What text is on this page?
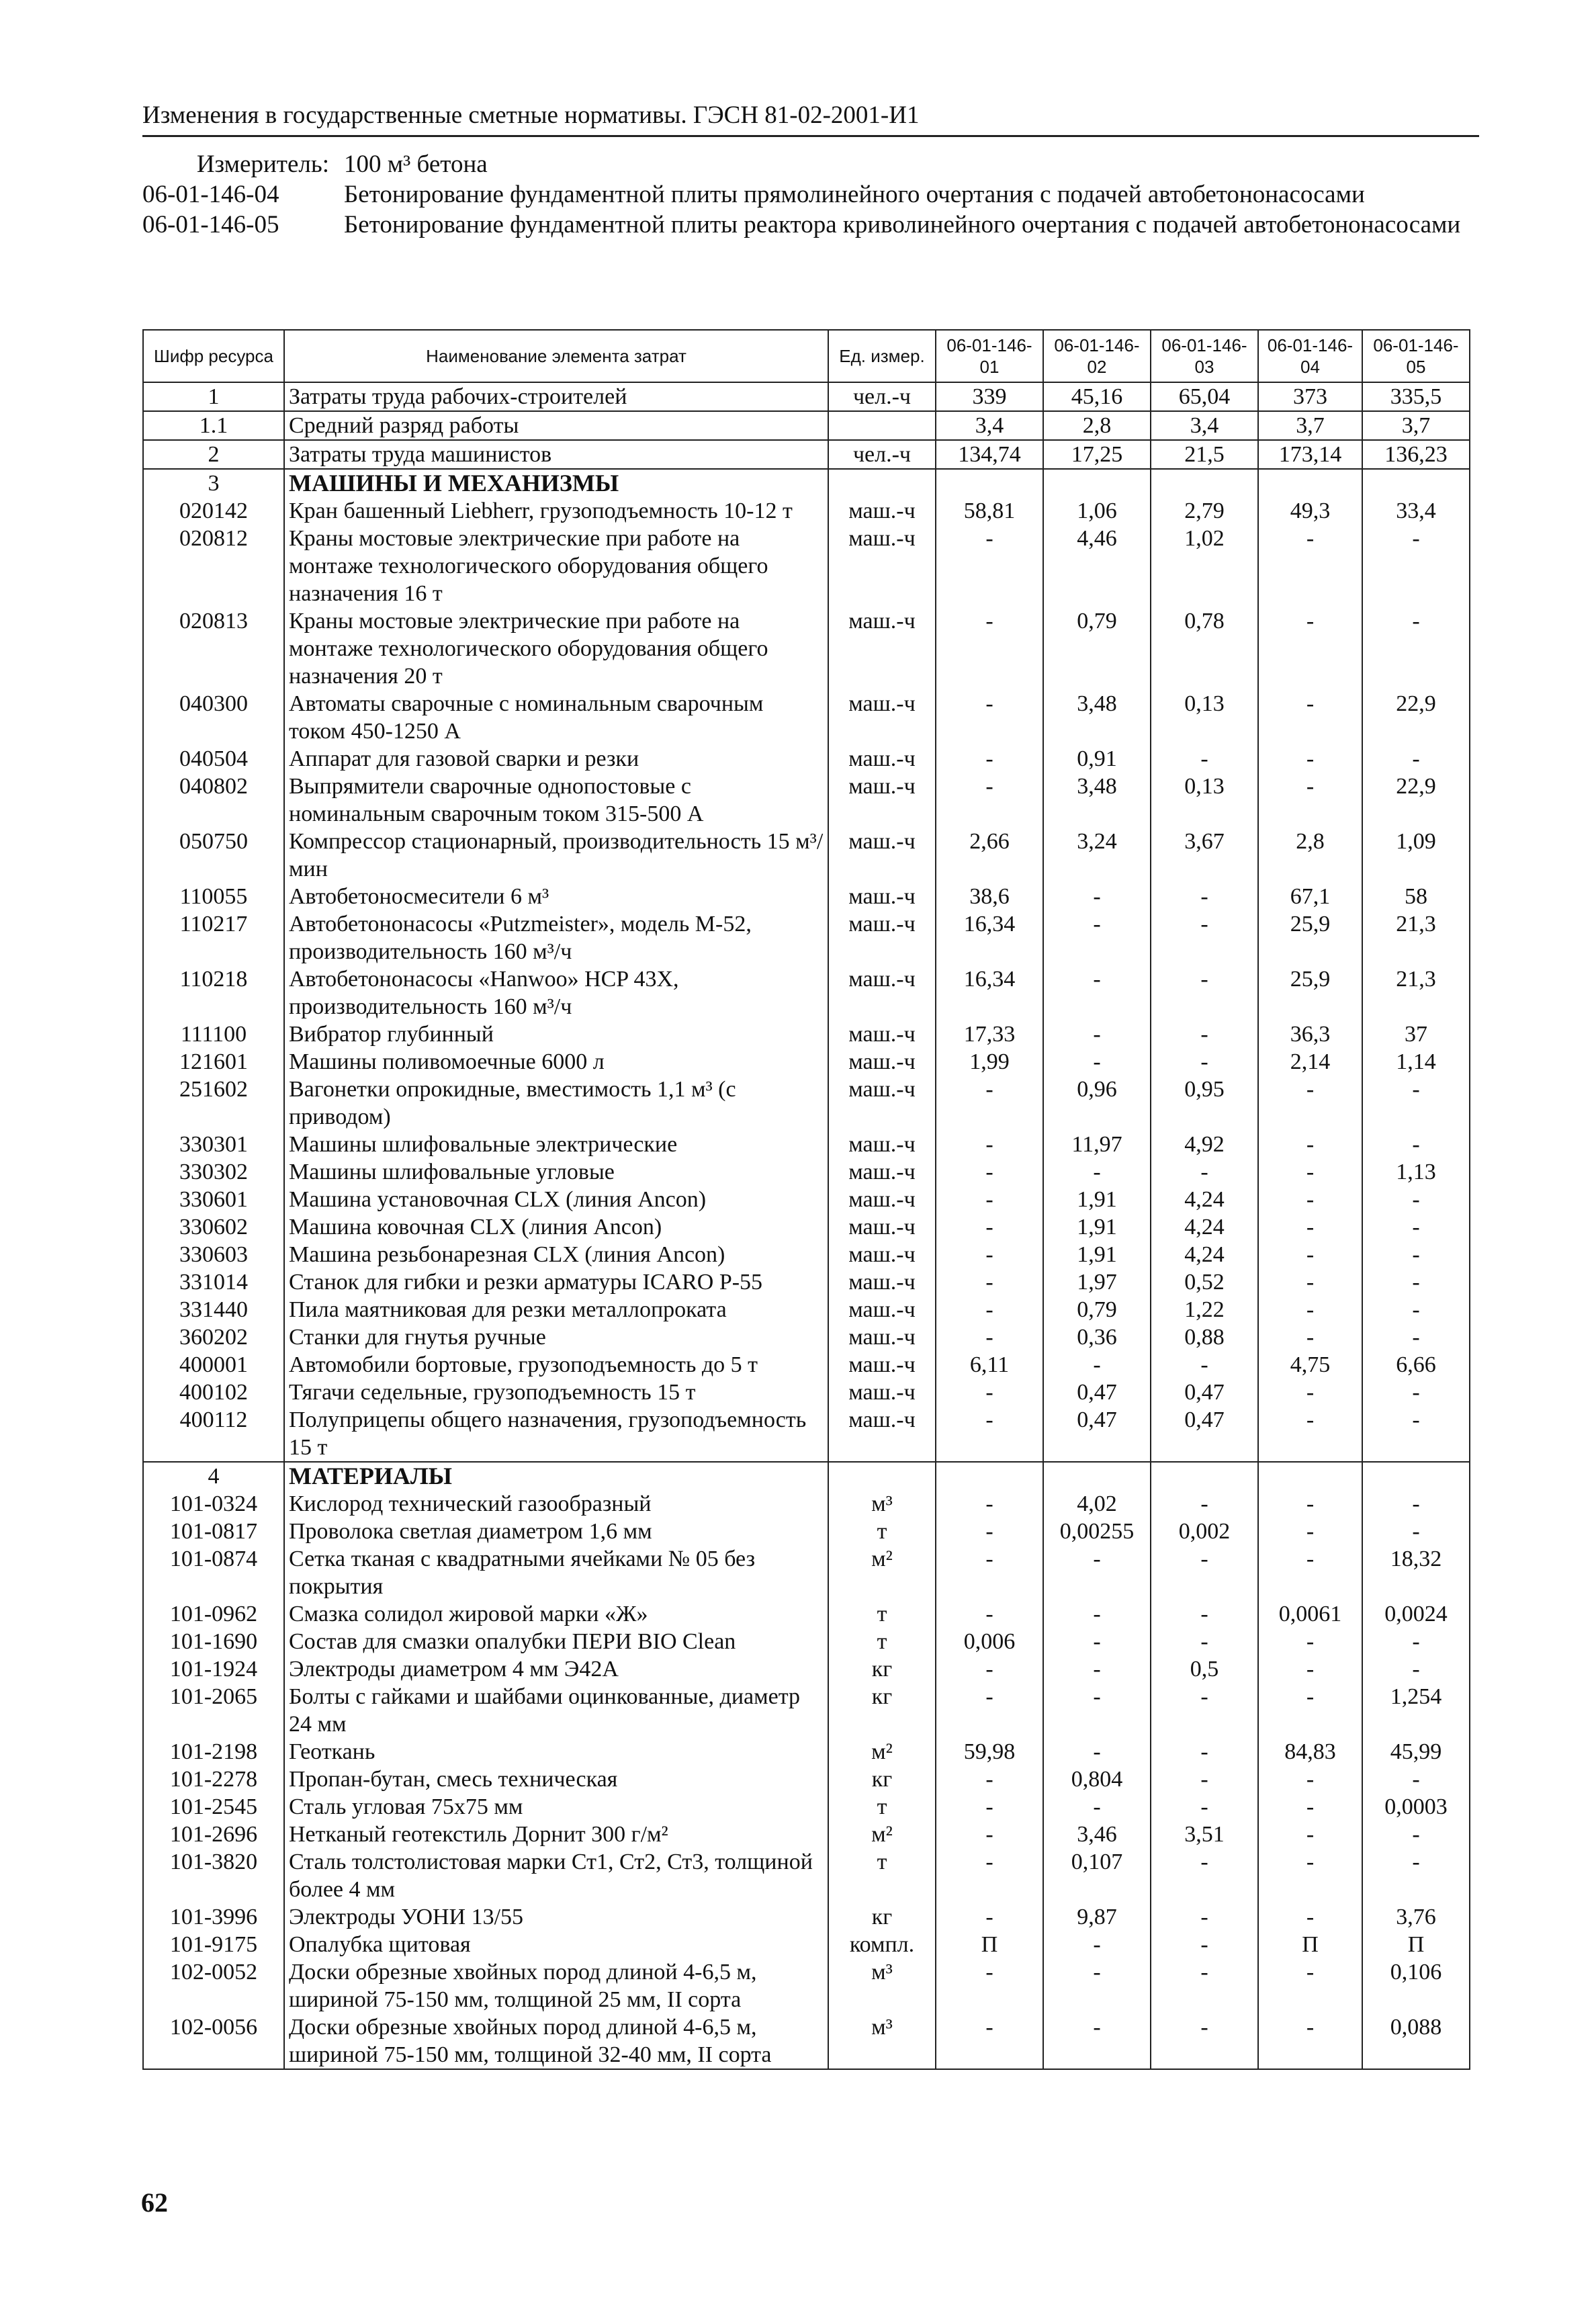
Изменения в государственные сметные нормативы. ГЭСН 81-02-2001-И1
Измеритель: 100 м³ бетона
06-01-146-04	Бетонирование фундаментной плиты прямолинейного очертания с подачей автобетононасосами
06-01-146-05	Бетонирование фундаментной плиты реактора криволинейного очертания с подачей автобетононасосами
Шифр ресурса	Наименование элемента затрат	Ед. измер.	06-01-146-01	06-01-146-02	06-01-146-03	06-01-146-04	06-01-146-05
1	Затраты труда рабочих-строителей	чел.-ч	339	45,16	65,04	373	335,5
1.1	Средний разряд работы		3,4	2,8	3,4	3,7	3,7
2	Затраты труда машинистов	чел.-ч	134,74	17,25	21,5	173,14	136,23
3	МАШИНЫ И МЕХАНИЗМЫ						
020142	Кран башенный Liebherr, грузоподъемность 10-12 т	маш.-ч	58,81	1,06	2,79	49,3	33,4
020812	Краны мостовые электрические при работе на монтаже технологического оборудования общего назначения 16 т	маш.-ч	-	4,46	1,02	-	-
020813	Краны мостовые электрические при работе на монтаже технологического оборудования общего назначения 20 т	маш.-ч	-	0,79	0,78	-	-
040300	Автоматы сварочные с номинальным сварочным током 450-1250 А	маш.-ч	-	3,48	0,13	-	22,9
040504	Аппарат для газовой сварки и резки	маш.-ч	-	0,91	-	-	-
040802	Выпрямители сварочные однопостовые с номинальным сварочным током 315-500 А	маш.-ч	-	3,48	0,13	-	22,9
050750	Компрессор стационарный, производительность 15 м³/мин	маш.-ч	2,66	3,24	3,67	2,8	1,09
110055	Автобетоносмесители 6 м³	маш.-ч	38,6	-	-	67,1	58
110217	Автобетононасосы «Putzmeister», модель М-52, производительность 160 м³/ч	маш.-ч	16,34	-	-	25,9	21,3
110218	Автобетононасосы «Hanwoo» HCP 43X, производительность 160 м³/ч	маш.-ч	16,34	-	-	25,9	21,3
111100	Вибратор глубинный	маш.-ч	17,33	-	-	36,3	37
121601	Машины поливомоечные 6000 л	маш.-ч	1,99	-	-	2,14	1,14
251602	Вагонетки опрокидные, вместимость 1,1 м³ (с приводом)	маш.-ч	-	0,96	0,95	-	-
330301	Машины шлифовальные электрические	маш.-ч	-	11,97	4,92	-	-
330302	Машины шлифовальные угловые	маш.-ч	-	-	-	-	1,13
330601	Машина установочная CLX (линия Ancon)	маш.-ч	-	1,91	4,24	-	-
330602	Машина ковочная CLX (линия Ancon)	маш.-ч	-	1,91	4,24	-	-
330603	Машина резьбонарезная CLX (линия Ancon)	маш.-ч	-	1,91	4,24	-	-
331014	Станок для гибки и резки арматуры ICARO P-55	маш.-ч	-	1,97	0,52	-	-
331440	Пила маятниковая для резки металлопроката	маш.-ч	-	0,79	1,22	-	-
360202	Станки для гнутья ручные	маш.-ч	-	0,36	0,88	-	-
400001	Автомобили бортовые, грузоподъемность до 5 т	маш.-ч	6,11	-	-	4,75	6,66
400102	Тягачи седельные, грузоподъемность 15 т	маш.-ч	-	0,47	0,47	-	-
400112	Полуприцепы общего назначения, грузоподъемность 15 т	маш.-ч	-	0,47	0,47	-	-
4	МАТЕРИАЛЫ						
101-0324	Кислород технический газообразный	м³	-	4,02	-	-	-
101-0817	Проволока светлая диаметром 1,6 мм	т	-	0,00255	0,002	-	-
101-0874	Сетка тканая с квадратными ячейками № 05 без покрытия	м²	-	-	-	-	18,32
101-0962	Смазка солидол жировой марки «Ж»	т	-	-	-	0,0061	0,0024
101-1690	Состав для смазки опалубки ПЕРИ BIO Clean	т	0,006	-	-	-	-
101-1924	Электроды диаметром 4 мм Э42А	кг	-	-	0,5	-	-
101-2065	Болты с гайками и шайбами оцинкованные, диаметр 24 мм	кг	-	-	-	-	1,254
101-2198	Геоткань	м²	59,98	-	-	84,83	45,99
101-2278	Пропан-бутан, смесь техническая	кг	-	0,804	-	-	-
101-2545	Сталь угловая 75х75 мм	т	-	-	-	-	0,0003
101-2696	Нетканый геотекстиль Дорнит 300 г/м²	м²	-	3,46	3,51	-	-
101-3820	Сталь толстолистовая марки Ст1, Ст2, Ст3, толщиной более 4 мм	т	-	0,107	-	-	-
101-3996	Электроды УОНИ 13/55	кг	-	9,87	-	-	3,76
101-9175	Опалубка щитовая	компл.	П	-	-	П	П
102-0052	Доски обрезные хвойных пород длиной 4-6,5 м, шириной 75-150 мм, толщиной 25 мм, II сорта	м³	-	-	-	-	0,106
102-0056	Доски обрезные хвойных пород длиной 4-6,5 м, шириной 75-150 мм, толщиной 32-40 мм, II сорта	м³	-	-	-	-	0,088
62
